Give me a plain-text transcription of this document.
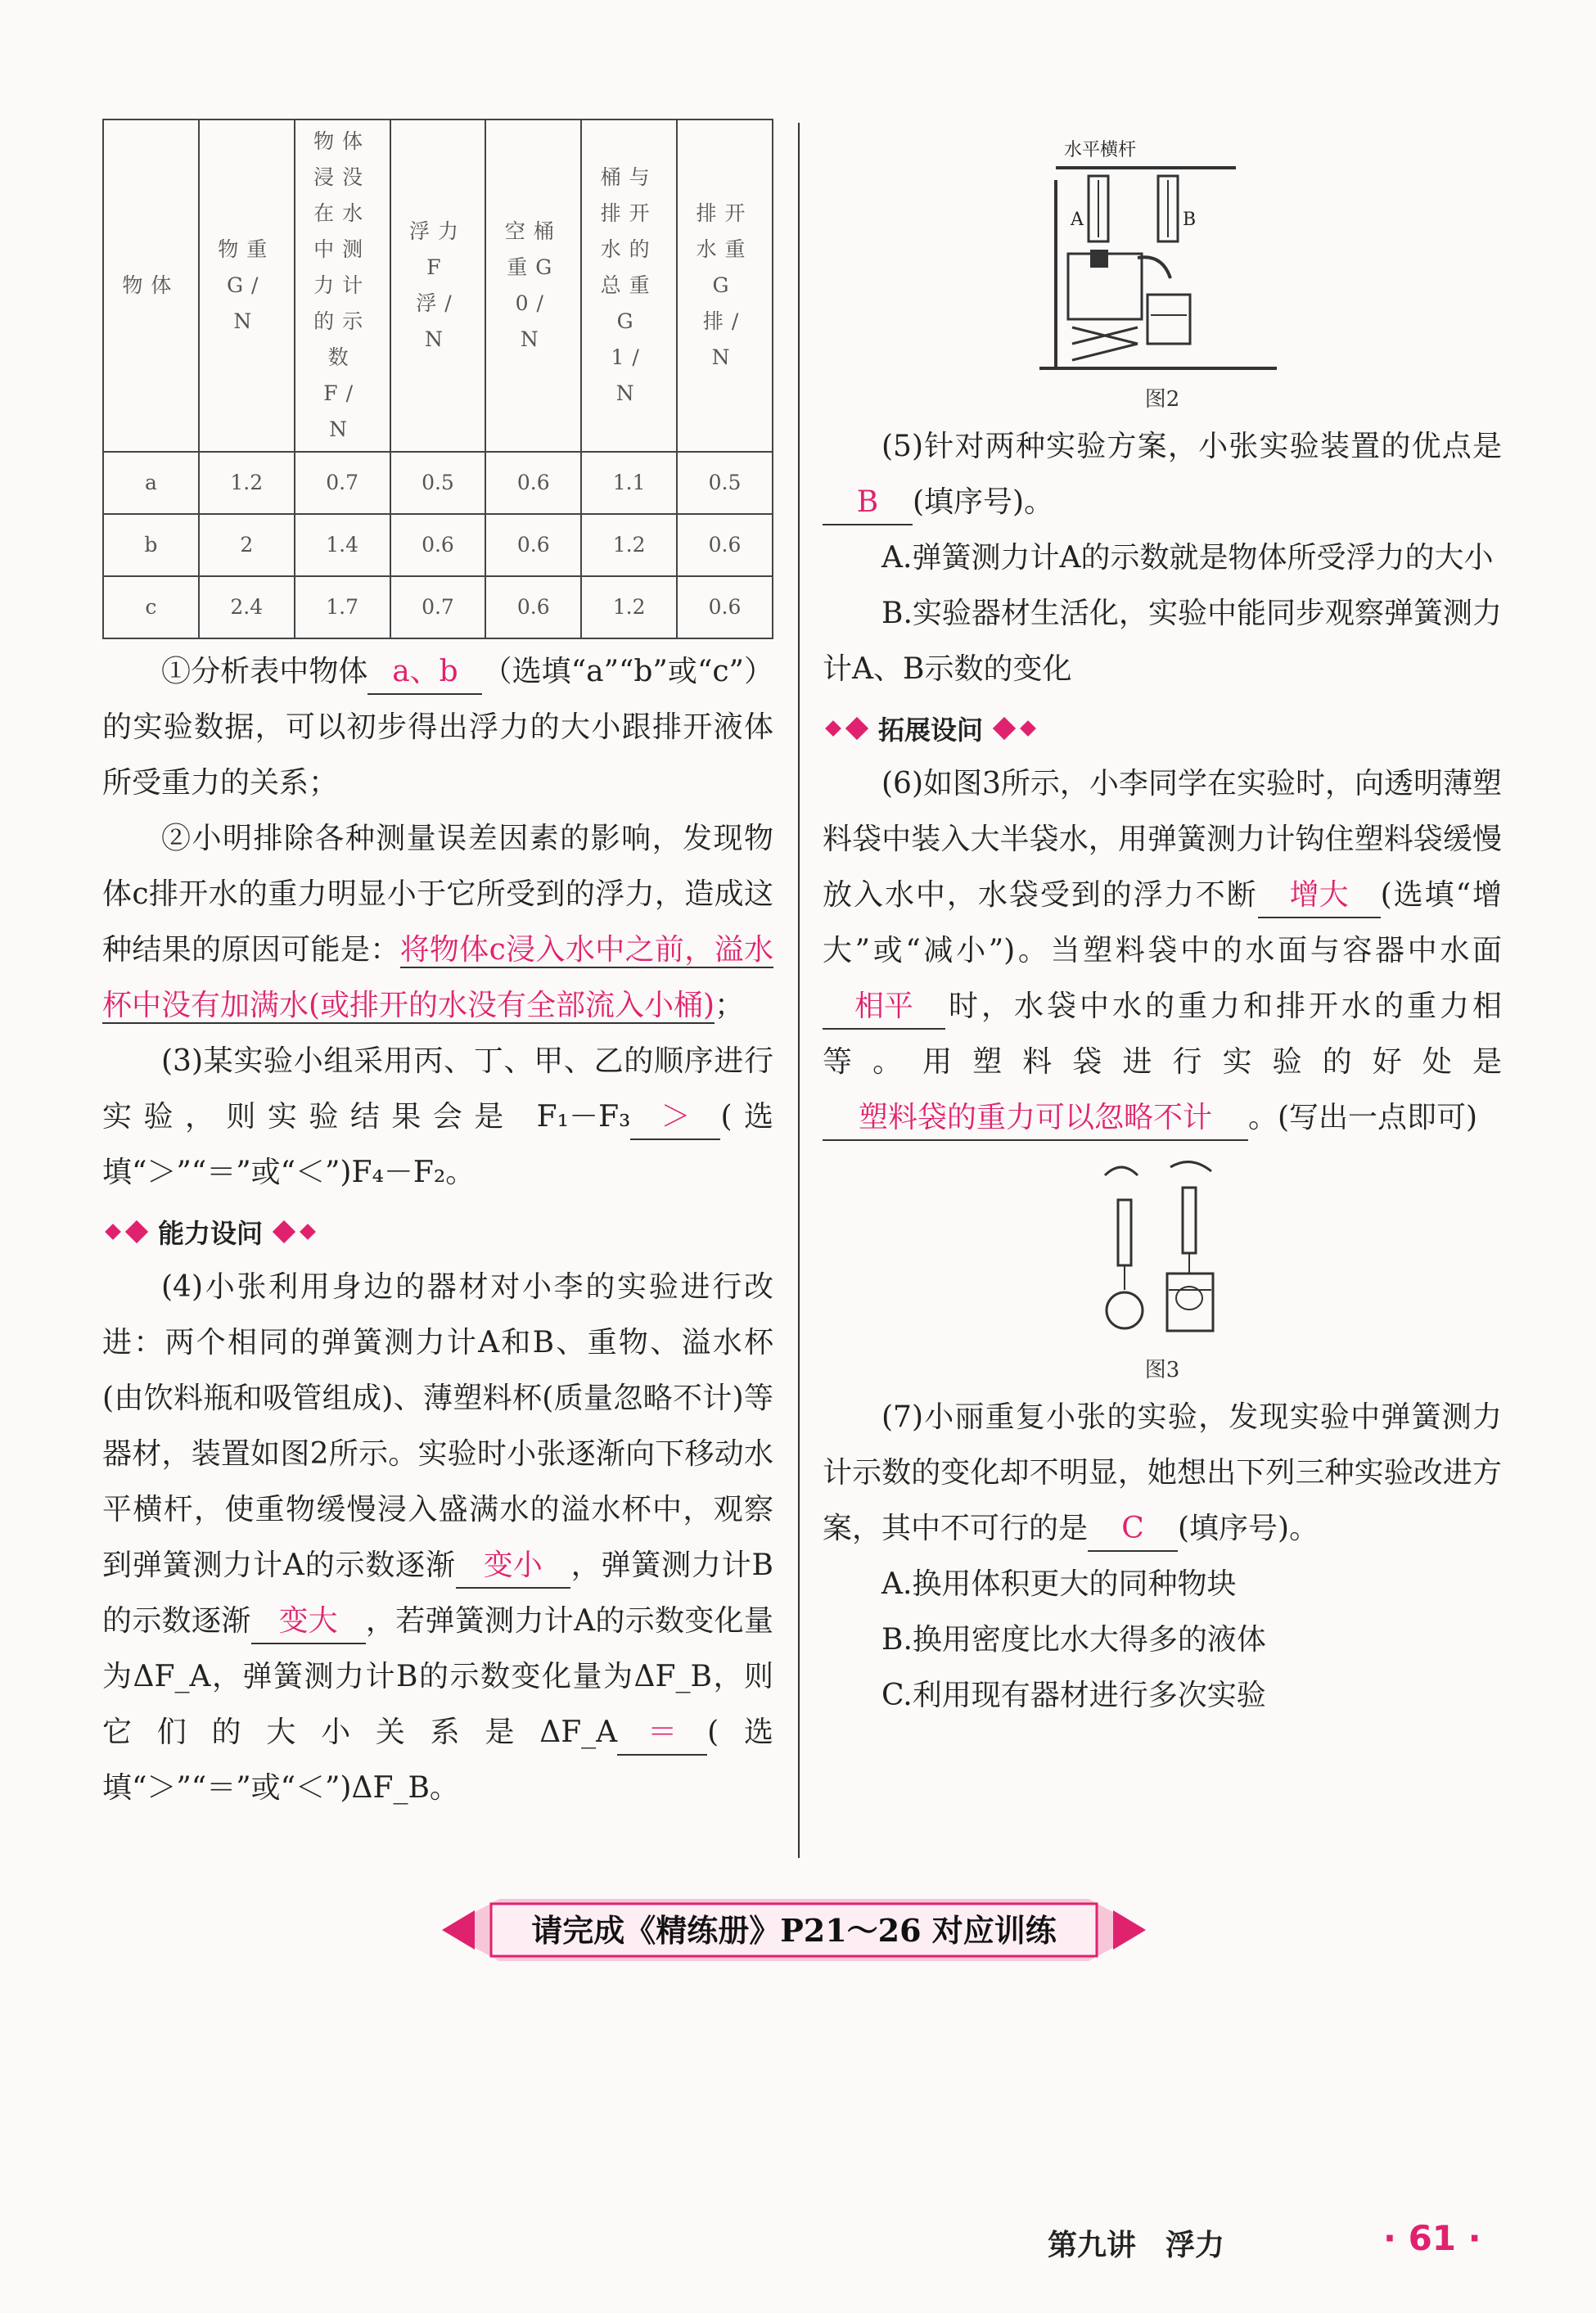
物体	物重G/N	物体浸没在水中测力计的示数F/N	浮力F浮/N	空桶重G0/N	桶与排开水的总重G1/N	排开水重G排/N
a	1.2	0.7	0.5	0.6	1.1	0.5
b	2	1.4	0.6	0.6	1.2	0.6
c	2.4	1.7	0.7	0.6	1.2	0.6

①分析表中物体 a、b （选填“a”“b”或“c”）的实验数据，可以初步得出浮力的大小跟排开液体所受重力的关系；

②小明排除各种测量误差因素的影响，发现物体c排开水的重力明显小于它所受到的浮力，造成这种结果的原因可能是：将物体c浸入水中之前，溢水杯中没有加满水(或排开的水没有全部流入小桶)；

(3)某实验小组采用丙、丁、甲、乙的顺序进行实验，则实验结果会是 F₁－F₃ ＞ (选填“＞”“＝”或“＜”)F₄－F₂。

能力设问

(4)小张利用身边的器材对小李的实验进行改进：两个相同的弹簧测力计A和B、重物、溢水杯(由饮料瓶和吸管组成)、薄塑料杯(质量忽略不计)等器材，装置如图2所示。实验时小张逐渐向下移动水平横杆，使重物缓慢浸入盛满水的溢水杯中，观察到弹簧测力计A的示数逐渐 变小 ，弹簧测力计B的示数逐渐 变大 ，若弹簧测力计A的示数变化量为ΔF_A，弹簧测力计B的示数变化量为ΔF_B，则它们的大小关系是ΔF_A ＝ (选填“＞”“＝”或“＜”)ΔF_B。

水平横杆
A	B
图2

(5)针对两种实验方案，小张实验装置的优点是B (填序号)。

A.弹簧测力计A的示数就是物体所受浮力的大小

B.实验器材生活化，实验中能同步观察弹簧测力计A、B示数的变化

拓展设问

(6)如图3所示，小李同学在实验时，向透明薄塑料袋中装入大半袋水，用弹簧测力计钩住塑料袋缓慢放入水中，水袋受到的浮力不断 增大 (选填“增大”或“减小”)。当塑料袋中的水面与容器中水面相平 时，水袋中水的重力和排开水的重力相等。用塑料袋进行实验的好处是塑料袋的重力可以忽略不计 。(写出一点即可)

图3

(7)小丽重复小张的实验，发现实验中弹簧测力计示数的变化却不明显，她想出下列三种实验改进方案，其中不可行的是 C (填序号)。

A.换用体积更大的同种物块

B.换用密度比水大得多的液体

C.利用现有器材进行多次实验

请完成《精练册》P21～26 对应训练
第九讲　浮力	· 61 ·
